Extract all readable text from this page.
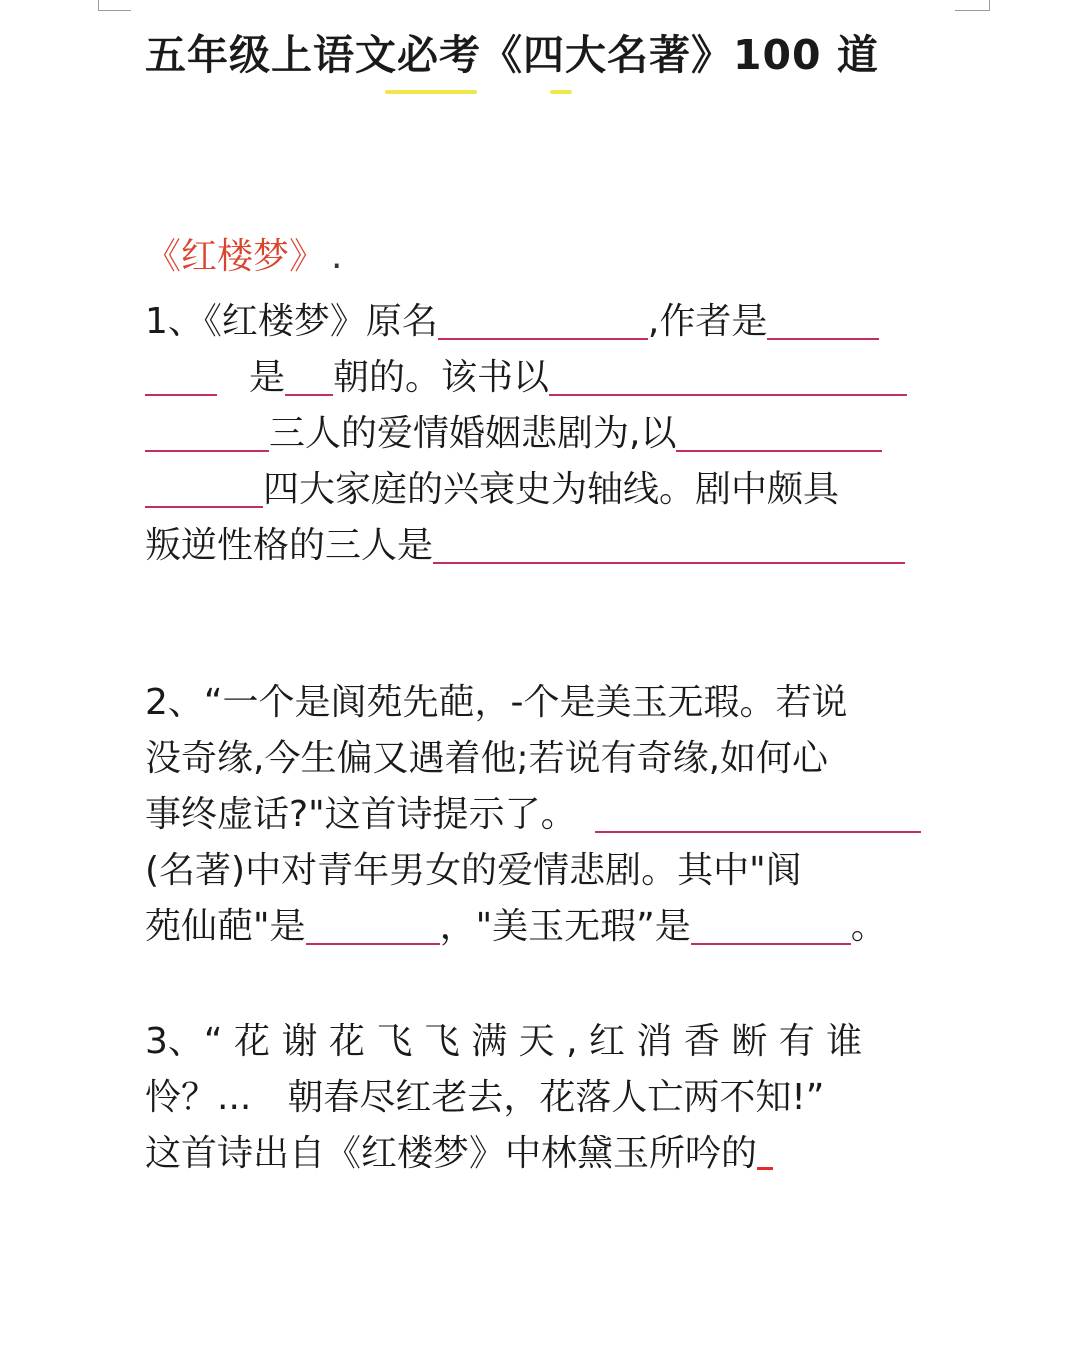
五年级上语文必考《四大名著》100 道
《红楼梦》 .
1、《红楼梦》原名	,作者是
是 朝的。该书以
三人的爱情婚姻悲剧为,以
四大家庭的兴衰史为轴线。剧中颇具
叛逆性格的三人是
2、“一个是阆苑先葩，-个是美玉无瑕。若说
没奇缘,今生偏又遇着他;若说有奇缘,如何心
事终虚话?"这首诗提示了。
(名著)中对青年男女的爱情悲剧。其中"阆
苑仙葩"是	，"美玉无瑕”是	。
3、“ 花 谢 花 飞 飞 满 天 , 红 消 香 断 有 谁
怜？...　朝春尽红老去，花落人亡两不知!”
这首诗出自《红楼梦》中林黛玉所吟的
